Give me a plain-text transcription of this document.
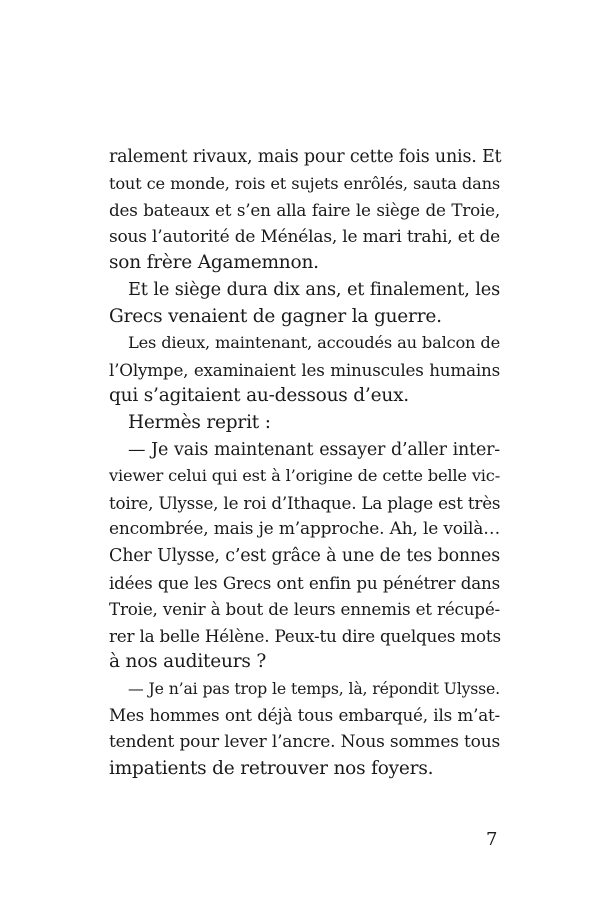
ralement rivaux, mais pour cette fois unis. Et
tout ce monde, rois et sujets enrôlés, sauta dans
des bateaux et s’en alla faire le siège de Troie,
sous l’autorité de Ménélas, le mari trahi, et de
son frère Agamemnon.
Et le siège dura dix ans, et finalement, les
Grecs venaient de gagner la guerre.
Les dieux, maintenant, accoudés au balcon de
l’Olympe, examinaient les minuscules humains
qui s’agitaient au-dessous d’eux.
Hermès reprit :
— Je vais maintenant essayer d’aller inter-
viewer celui qui est à l’origine de cette belle vic-
toire, Ulysse, le roi d’Ithaque. La plage est très
encombrée, mais je m’approche. Ah, le voilà…
Cher Ulysse, c’est grâce à une de tes bonnes
idées que les Grecs ont enfin pu pénétrer dans
Troie, venir à bout de leurs ennemis et récupé-
rer la belle Hélène. Peux-tu dire quelques mots
à nos auditeurs ?
— Je n’ai pas trop le temps, là, répondit Ulysse.
Mes hommes ont déjà tous embarqué, ils m’at-
tendent pour lever l’ancre. Nous sommes tous
impatients de retrouver nos foyers.
7
